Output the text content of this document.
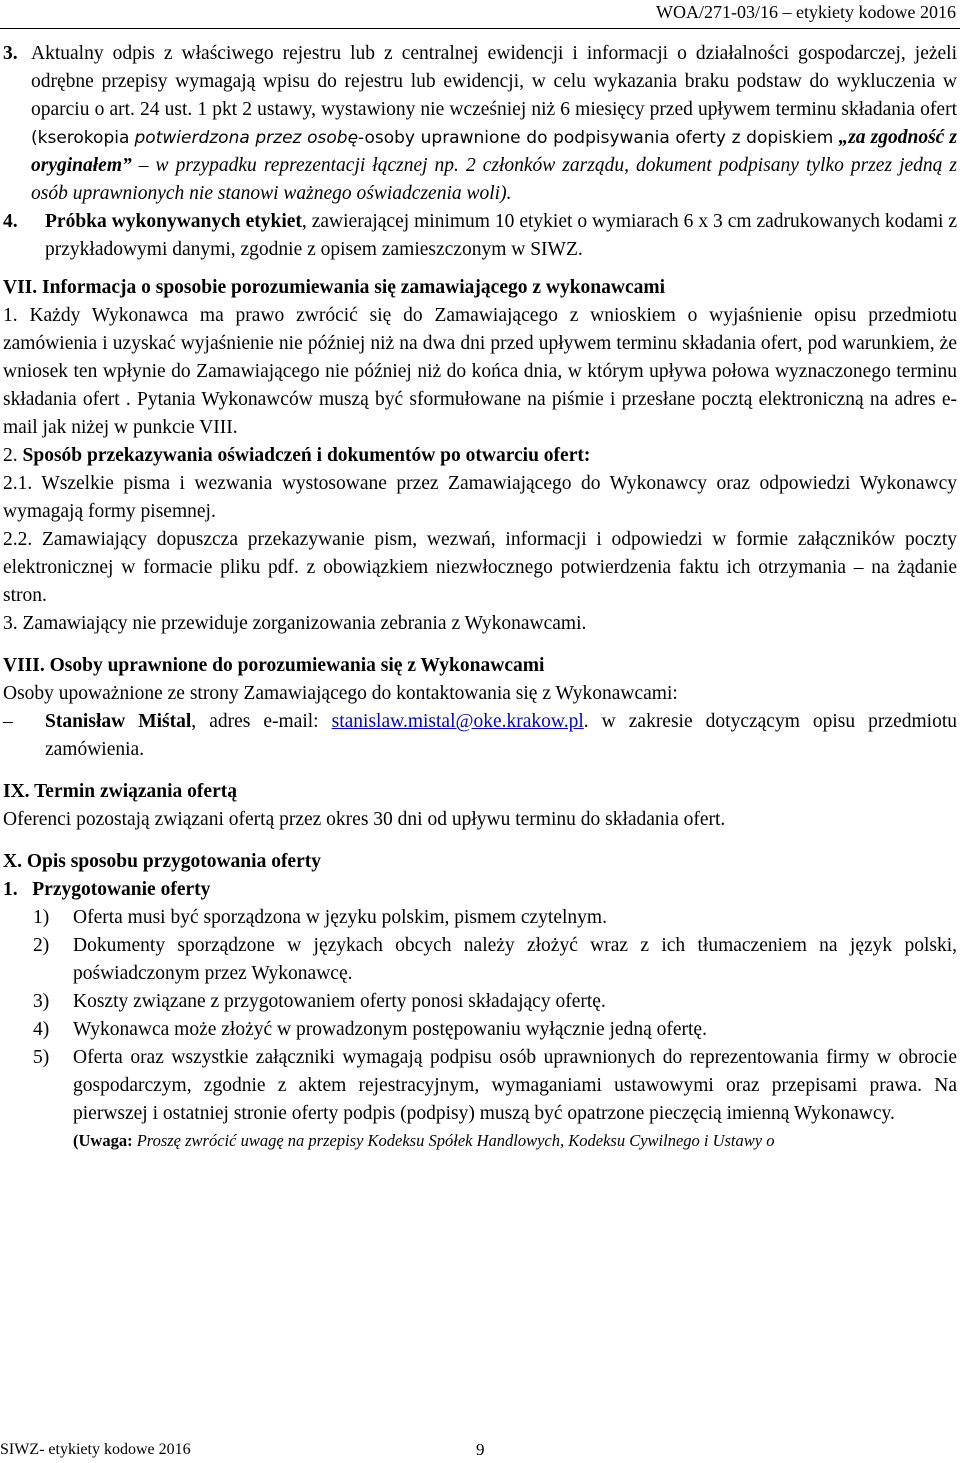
WOA/271-03/16 – etykiety kodowe 2016
3. Aktualny odpis z właściwego rejestru lub z centralnej ewidencji i informacji o działalności gospodarczej, jeżeli odrębne przepisy wymagają wpisu do rejestru lub ewidencji, w celu wykazania braku podstaw do wykluczenia w oparciu o art. 24 ust. 1 pkt 2 ustawy, wystawiony nie wcześniej niż 6 miesięcy przed upływem terminu składania ofert (kserokopia potwierdzona przez osobę-osoby uprawnione do podpisywania oferty z dopiskiem „za zgodność z oryginałem” – w przypadku reprezentacji łącznej np. 2 członków zarządu, dokument podpisany tylko przez jedną z osób uprawnionych nie stanowi ważnego oświadczenia woli).

4.	Próbka wykonywanych etykiet, zawierającej minimum 10 etykiet o wymiarach 6 x 3 cm zadrukowanych kodami z przykładowymi danymi, zgodnie z opisem zamieszczonym w SIWZ.

VII. Informacja o sposobie porozumiewania się zamawiającego z wykonawcami

1. Każdy Wykonawca ma prawo zwrócić się do Zamawiającego z wnioskiem o wyjaśnienie opisu przedmiotu zamówienia i uzyskać wyjaśnienie nie później niż na dwa dni przed upływem terminu składania ofert, pod warunkiem, że wniosek ten wpłynie do Zamawiającego nie później niż do końca dnia, w którym upływa połowa wyznaczonego terminu składania ofert . Pytania Wykonawców muszą być sformułowane na piśmie i przesłane pocztą elektroniczną na adres e-mail jak niżej w punkcie VIII.

2. Sposób przekazywania oświadczeń i dokumentów po otwarciu ofert:

2.1. Wszelkie pisma i wezwania wystosowane przez Zamawiającego do Wykonawcy oraz odpowiedzi Wykonawcy wymagają formy pisemnej.

2.2. Zamawiający dopuszcza przekazywanie pism, wezwań, informacji i odpowiedzi w formie załączników poczty elektronicznej w formacie pliku pdf. z obowiązkiem niezwłocznego potwierdzenia faktu ich otrzymania – na żądanie stron.

3. Zamawiający nie przewiduje zorganizowania zebrania z Wykonawcami.

VIII. Osoby uprawnione do porozumiewania się z Wykonawcami

Osoby upoważnione ze strony Zamawiającego do kontaktowania się z Wykonawcami:

–	Stanisław Miśtal, adres e-mail: stanislaw.mistal@oke.krakow.pl. w zakresie dotyczącym opisu przedmiotu zamówienia.

IX. Termin związania ofertą

Oferenci pozostają związani ofertą przez okres 30 dni od upływu terminu do składania ofert.

X. Opis sposobu przygotowania oferty

1. Przygotowanie oferty

1)	Oferta musi być sporządzona w języku polskim, pismem czytelnym.
2)	Dokumenty sporządzone w językach obcych należy złożyć wraz z ich tłumaczeniem na język polski, poświadczonym przez Wykonawcę.
3)	Koszty związane z przygotowaniem oferty ponosi składający ofertę.
4)	Wykonawca może złożyć w prowadzonym postępowaniu wyłącznie jedną ofertę.
5)	Oferta oraz wszystkie załączniki wymagają podpisu osób uprawnionych do reprezentowania firmy w obrocie gospodarczym, zgodnie z aktem rejestracyjnym, wymaganiami ustawowymi oraz przepisami prawa. Na pierwszej i ostatniej stronie oferty podpis (podpisy) muszą być opatrzone pieczęcią imienną Wykonawcy.

(Uwaga: Proszę zwrócić uwagę na przepisy Kodeksu Spółek Handlowych, Kodeksu Cywilnego i Ustawy o

SIWZ- etykiety kodowe 2016	9
